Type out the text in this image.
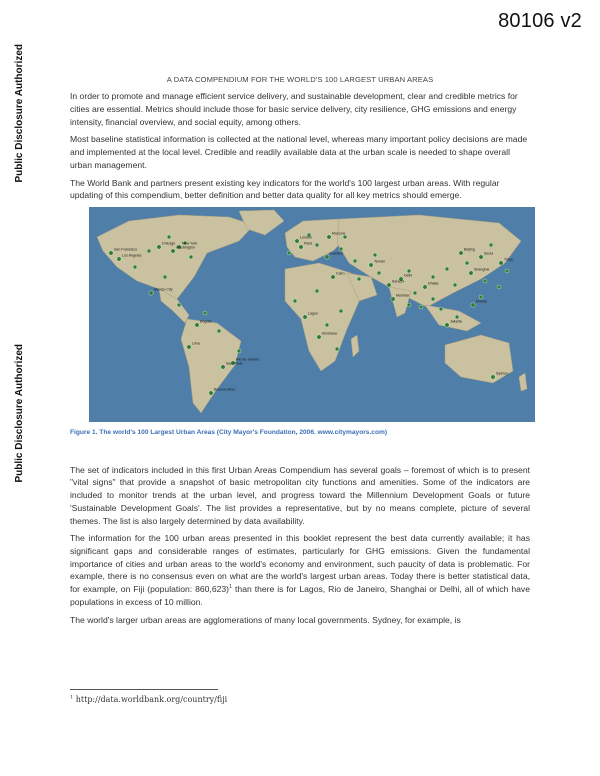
80106 v2
Public Disclosure Authorized
Public Disclosure Authorized
A DATA COMPENDIUM FOR THE WORLD'S 100 LARGEST URBAN AREAS

In order to promote and manage efficient service delivery, and sustainable development, clear and credible metrics for cities are essential. Metrics should include those for basic service delivery, city resilience, GHG emissions and energy intensity, financial overview, and social equity, among others.

Most baseline statistical information is collected at the national level, whereas many important policy decisions are made and implemented at the local level. Credible and readily available data at the urban scale is needed to shape overall urban management.

The World Bank and partners present existing key indicators for the world's 100 largest urban areas. With regular updating of this compendium, better definition and better data quality for all key metrics should emerge.

Los Angeles
San Francisco
Chicago New York
Washington
Mexico City
Bogota
Lima
Sao Paulo
Rio de Janeiro
Buenos Aires
London
Paris
Moscow
Istanbul
Cairo
Lagos
Kinshasa
Tehran
Karachi
Delhi
Mumbai
Dhaka
Beijing
Seoul
Tokyo
Shanghai
Manila
Jakarta
Sydney
Figure 1. The world's 100 Largest Urban Areas (City Mayor's Foundation, 2006. www.citymayors.com)

The set of indicators included in this first Urban Areas Compendium has several goals – foremost of which is to present "vital signs" that provide a snapshot of basic metropolitan city functions and amenities. Some of the indicators are included to monitor trends at the urban level, and progress toward the Millennium Development Goals or future 'Sustainable Development Goals'. The list provides a representative, but by no means complete, picture of several themes. The list is also largely determined by data availability.

The information for the 100 urban areas presented in this booklet represent the best data currently available; it has significant gaps and considerable ranges of estimates, particularly for GHG emissions. Given the fundamental importance of cities and urban areas to the world's economy and environment, such paucity of data is problematic. For example, there is no consensus even on what are the world's largest urban areas. Today there is better statistical data, for example, on Fiji (population: 860,623)$^1$ than there is for Lagos, Rio de Janeiro, Shanghai or Delhi, all of which have populations in excess of 10 million.

The world's larger urban areas are agglomerations of many local governments. Sydney, for example, is

$^1$ http://data.worldbank.org/country/fiji
